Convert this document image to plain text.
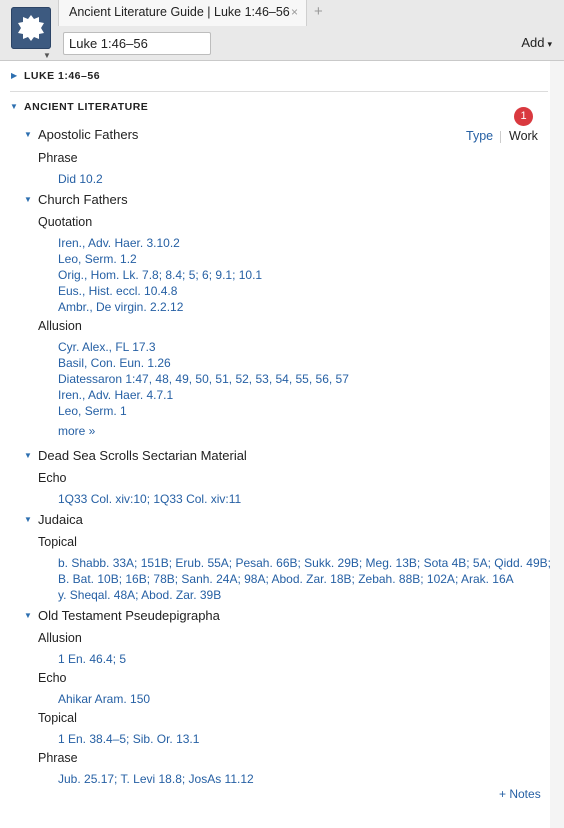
▼
Ancient Literature Guide | Luke 1:46–56 × +
Luke 1:46–56
Add ▾
▶ LUKE 1:46–56
▼ ANCIENT LITERATURE
1
Type Work
▼ Apostolic Fathers
Phrase
Did 10.2
▼ Church Fathers
Quotation
Iren., Adv. Haer. 3.10.2
Leo, Serm. 1.2
Orig., Hom. Lk. 7.8; 8.4; 5; 6; 9.1; 10.1
Eus., Hist. eccl. 10.4.8
Ambr., De virgin. 2.2.12
Allusion
Cyr. Alex., FL 17.3
Basil, Con. Eun. 1.26
Diatessaron 1:47, 48, 49, 50, 51, 52, 53, 54, 55, 56, 57
Iren., Adv. Haer. 4.7.1
Leo, Serm. 1
more »
▼ Dead Sea Scrolls Sectarian Material
Echo
1Q33 Col. xiv:10; 1Q33 Col. xiv:11
▼ Judaica
Topical
b. Shabb. 33A; 151B; Erub. 55A; Pesah. 66B; Sukk. 29B; Meg. 13B; Sota 4B; 5A; Qidd. 49B;
B. Bat. 10B; 16B; 78B; Sanh. 24A; 98A; Abod. Zar. 18B; Zebah. 88B; 102A; Arak. 16A
y. Sheqal. 48A; Abod. Zar. 39B
▼ Old Testament Pseudepigrapha
Allusion
1 En. 46.4; 5
Echo
Ahikar Aram. 150
Topical
1 En. 38.4–5; Sib. Or. 13.1
Phrase
Jub. 25.17; T. Levi 18.8; JosAs 11.12
+ Notes
